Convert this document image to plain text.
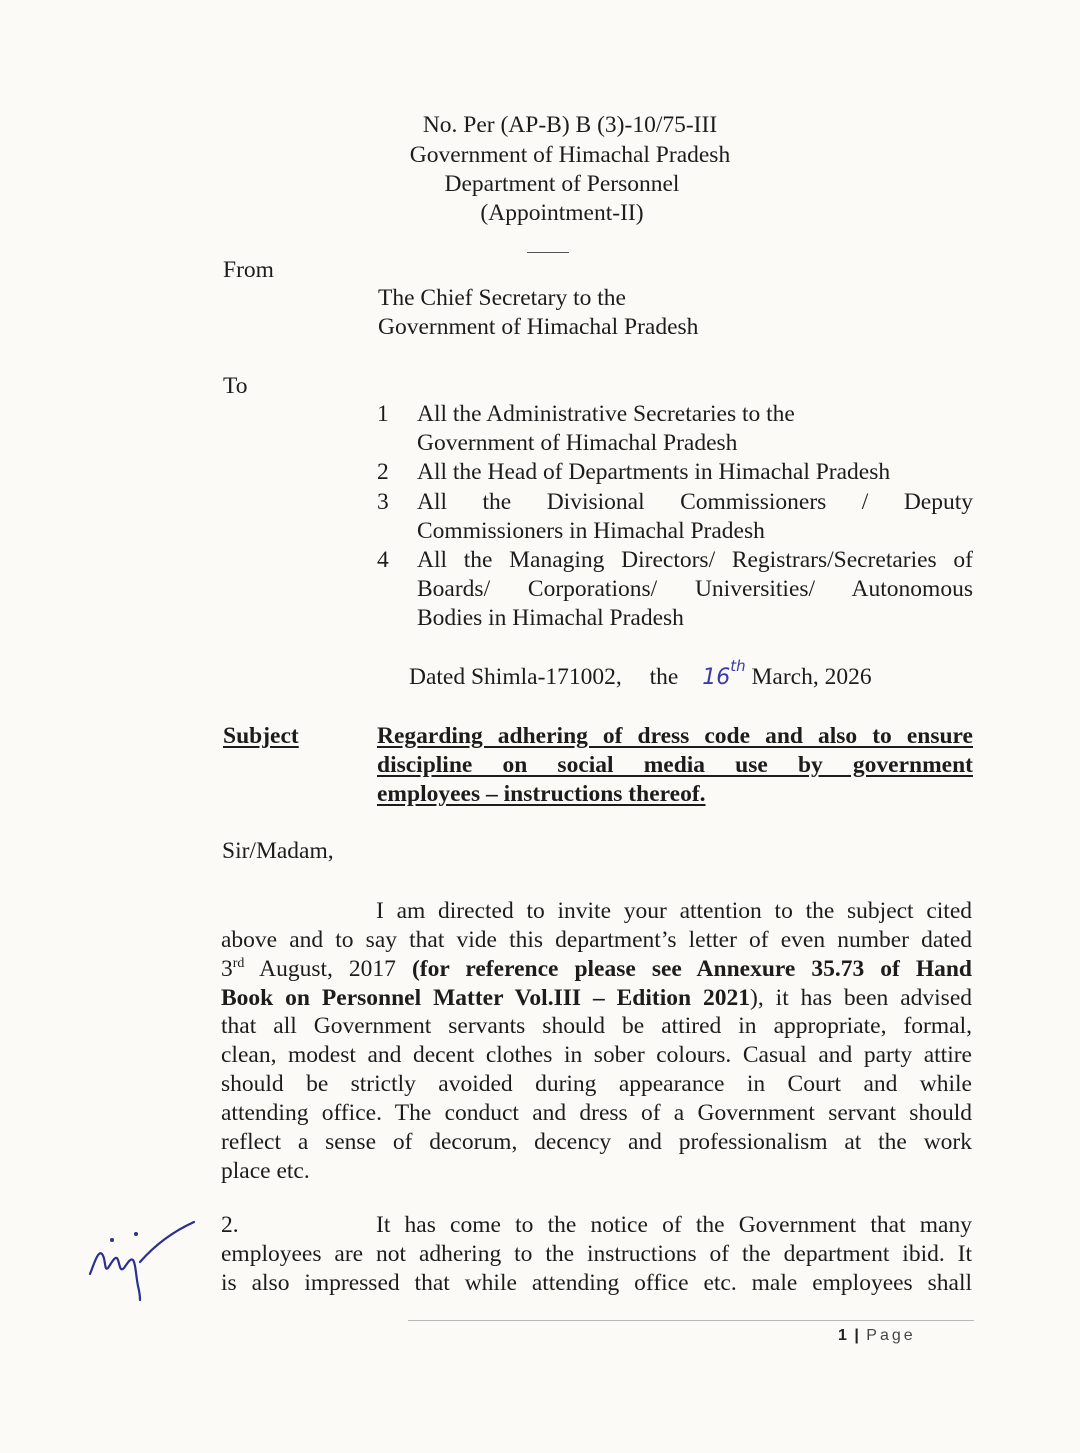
No. Per (AP-B) B (3)-10/75-III
Government of Himachal Pradesh
Department of Personnel
(Appointment-II)
From
The Chief Secretary to the
Government of Himachal Pradesh
To
1 All the Administrative Secretaries to the
Government of Himachal Pradesh
2 All the Head of Departments in Himachal Pradesh
3 All the Divisional Commissioners / Deputy
Commissioners in Himachal Pradesh
4 All the Managing Directors/ Registrars/Secretaries of
Boards/ Corporations/ Universities/ Autonomous
Bodies in Himachal Pradesh
Dated Shimla-171002, the 16th March, 2026
Subject	Regarding adhering of dress code and also to ensure
discipline on social media use by government
employees – instructions thereof.
Sir/Madam,
I am directed to invite your attention to the subject cited
above and to say that vide this department’s letter of even number dated
3rd August, 2017 (for reference please see Annexure 35.73 of Hand
Book on Personnel Matter Vol.III – Edition 2021), it has been advised
that all Government servants should be attired in appropriate, formal,
clean, modest and decent clothes in sober colours. Casual and party attire
should be strictly avoided during appearance in Court and while
attending office. The conduct and dress of a Government servant should
reflect a sense of decorum, decency and professionalism at the work
place etc.
2.	It has come to the notice of the Government that many
employees are not adhering to the instructions of the department ibid. It
is also impressed that while attending office etc. male employees shall
1 | Page
